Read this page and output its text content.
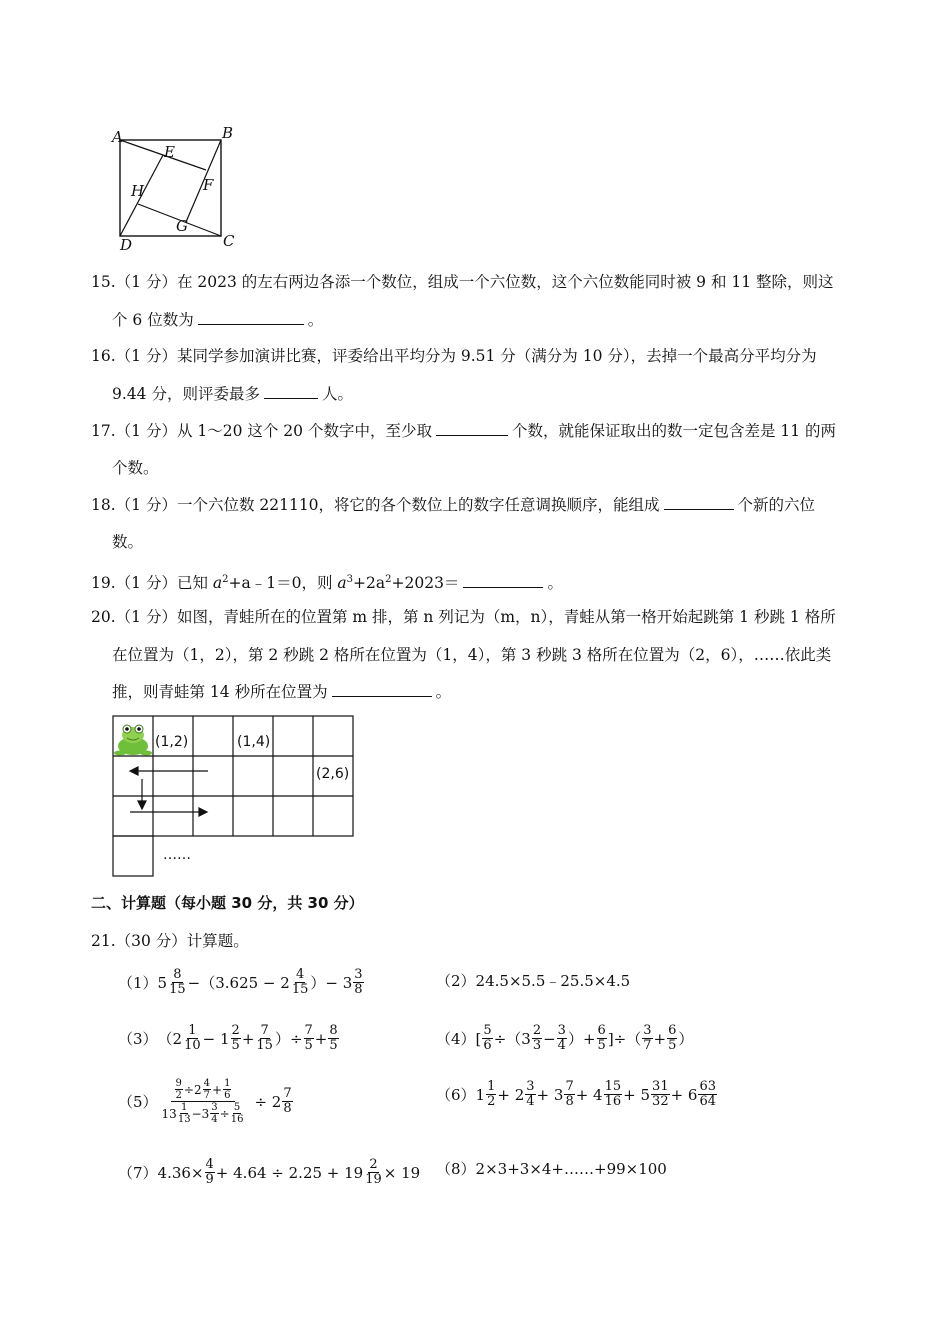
A	B
E
F
H
G
D	C
15.（1 分）在 2023 的左右两边各添一个数位，组成一个六位数，这个六位数能同时被 9 和 11 整除，则这
个 6 位数为	。
16.（1 分）某同学参加演讲比赛，评委给出平均分为 9.51 分（满分为 10 分），去掉一个最高分平均分为
9.44 分，则评委最多	人。
17.（1 分）从 1～20 这个 20 个数字中，至少取	个数，就能保证取出的数一定包含差是 11 的两
个数。
18.（1 分）一个六位数 221110，将它的各个数位上的数字任意调换顺序，能组成	个新的六位
数。
19.（1 分）已知 $a^2+a﹣1=0$，则 $a^3+2a^2+2023=$	。
20.（1 分）如图，青蛙所在的位置第 m 排，第 n 列记为（m，n），青蛙从第一格开始起跳第 1 秒跳 1 格所
在位置为（1，2），第 2 秒跳 2 格所在位置为（1，4），第 3 秒跳 3 格所在位置为（2，6），……依此类
推，则青蛙第 14 秒所在位置为	。
(1,2)	(1,4)
(2,6)
……
二、计算题（每小题 30 分，共 30 分）
21.（30 分）计算题。
（1） $5 \frac{8}{15} -(3.625 - 2 \frac{4}{15}$ ）− $3 \frac{3}{8}$	（2） 24.5×5.5﹣25.5×4.5
（3） （$2 \frac{1}{10} - 1 \frac{2}{5} + \frac{7}{15}$ ）÷ $\frac{7}{5} + \frac{8}{5}$	（4） [ $\frac{5}{6} \div(3 \frac{2}{3} - \frac{3}{4}$ ）+ $\frac{6}{5}$ ]÷（ $\frac{3}{7} + \frac{6}{5}$ ）
$(5) \frac{9}{2} \div 2$ 4
$7 + \frac{1}{6}$
13 1
$13 -3 \frac{3}{4} \div \frac{5}{16} \div 2 \frac{7}{8}$	（6） $1 \frac{1}{2} + 2 \frac{3}{4} + 3 \frac{7}{8} + 4 \frac{15}{16} + 5 \frac{31}{32} + 6 \frac{63}{64}$
（7） $4.36\times \frac{4}{9} + 4.64 \div 2.25 + 19 \frac{2}{19} \times 19$ （8） 2×3+3×4+……+99×100
